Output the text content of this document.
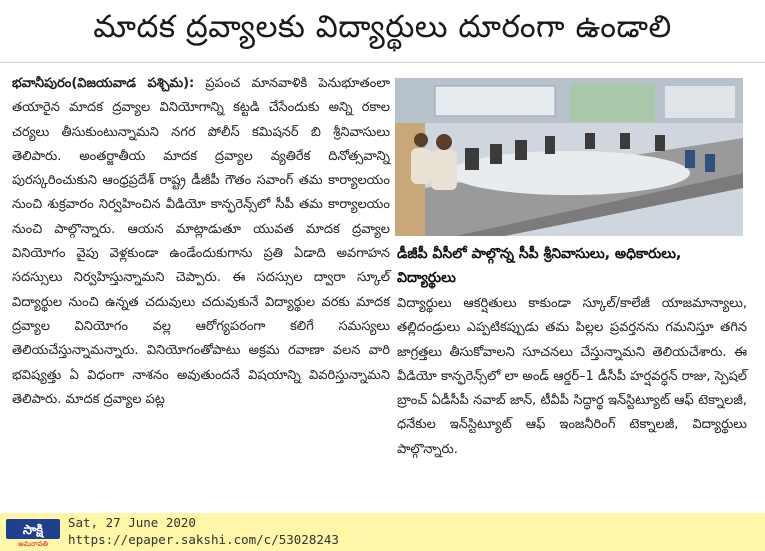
మాదక ద్రవ్యాలకు విద్యార్థులు దూరంగా ఉండాలి
భవానీపురం(విజయవాడ పశ్చిమ): ప్రపంచ మానవాళికి పెనుభూతంలా తయారైన మాదక ద్రవ్యాల వినియోగాన్ని కట్టడి చేసేందుకు అన్ని రకాల చర్యలు తీసుకుంటున్నామని నగర పోలీస్ కమిషనర్ బి శ్రీనివాసులు తెలిపారు. అంతర్జాతీయ మాదక ద్రవ్యాల వ్యతిరేక దినోత్సవాన్ని పురస్కరించుకుని ఆంధ్రప్రదేశ్ రాష్ట్ర డీజీపీ గౌతం సవాంగ్ తమ కార్యాలయం నుంచి శుక్రవారం నిర్వహించిన వీడియో కాన్ఫరెన్స్‌లో సీపీ తమ కార్యాలయం నుంచి పాల్గొన్నారు. ఆయన మాట్లాడుతూ యువత మాదక ద్రవ్యాల వినియోగం వైపు వెళ్లకుండా ఉండేందుకుగాను ప్రతి ఏడాది అవగాహన సదస్సులు నిర్వహిస్తున్నామని చెప్పారు. ఈ సదస్సుల ద్వారా స్కూల్ విద్యార్థుల నుంచి ఉన్నత చదువులు చదువుకునే విద్యార్థుల వరకు మాదక ద్రవ్యాల వినియోగం వల్ల ఆరోగ్యపరంగా కలిగే సమస్యలు తెలియచేస్తున్నామన్నారు. వినియోగంతోపాటు అక్రమ రవాణా వలన వారి భవిష్యత్తు ఏ విధంగా నాశనం అవుతుందనే విషయాన్ని వివరిస్తున్నామని తెలిపారు. మాదక ద్రవ్యాల పట్ల
డీజీపీ వీసీలో పాల్గొన్న సీపీ శ్రీనివాసులు, అధికారులు, విద్యార్థులు
విద్యార్థులు ఆకర్షితులు కాకుండా స్కూల్/కాలేజీ యాజమాన్యాలు, తల్లిదండ్రులు ఎప్పటికప్పుడు తమ పిల్లల ప్రవర్తనను గమనిస్తూ తగిన జాగ్రత్తలు తీసుకోవాలని సూచనలు చేస్తున్నామని తెలియచేశారు. ఈ వీడియో కాన్ఫరెన్స్‌లో లా అండ్ ఆర్డర్–1 డీసీపీ హర్షవర్ధన్ రాజు, స్పెషల్ బ్రాంచ్ ఏడీసీపీ నవాబ్ జాన్, టీవీపీ సిద్ధార్థ ఇన్‌స్టిట్యూట్ ఆఫ్ టెక్నాలజీ, ధనేకుల ఇన్‌స్టిట్యూట్ ఆఫ్ ఇంజనీరింగ్ టెక్నాలజీ, విద్యార్థులు పాల్గొన్నారు.
సాక్షి
అమరావతి
Sat, 27 June 2020
https://epaper.sakshi.com/c/53028243
